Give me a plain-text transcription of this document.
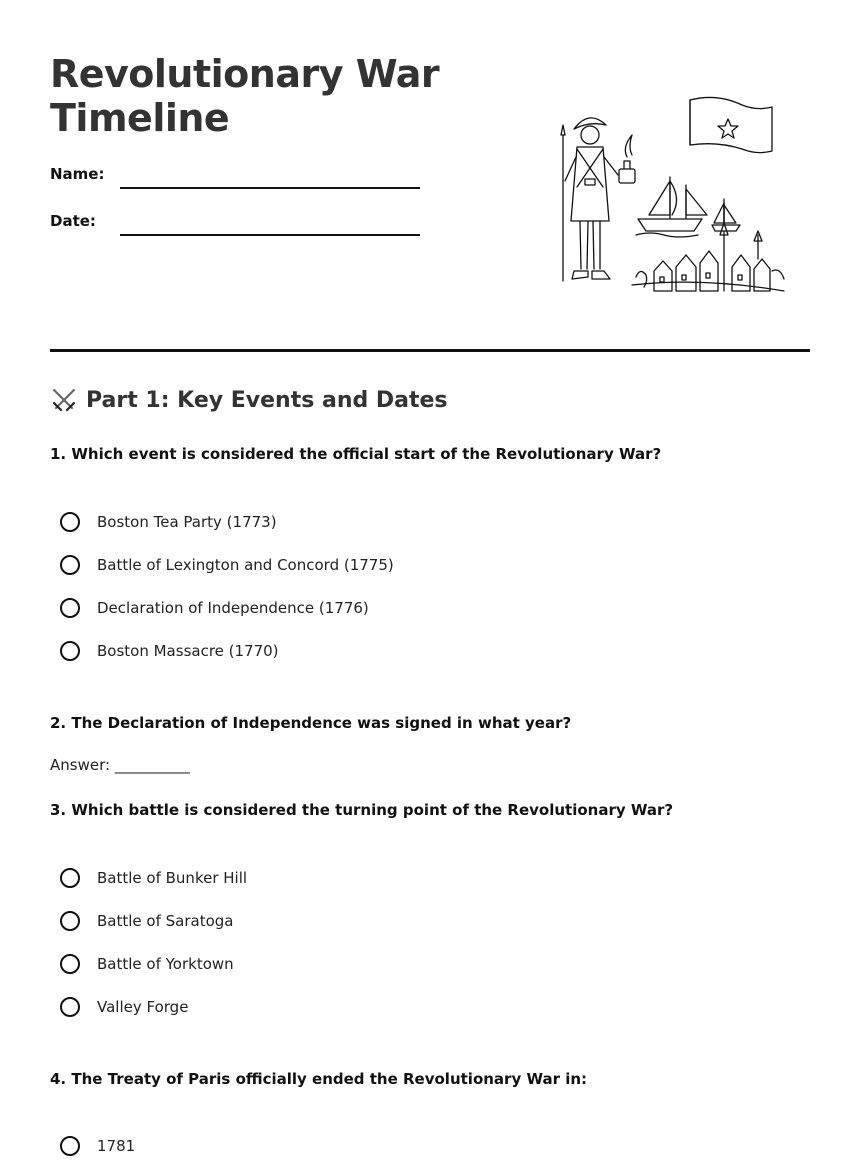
Revolutionary War
Timeline
Name:
Date:
Part 1: Key Events and Dates
1. Which event is considered the official start of the Revolutionary War?
Boston Tea Party (1773)
Battle of Lexington and Concord (1775)
Declaration of Independence (1776)
Boston Massacre (1770)
2. The Declaration of Independence was signed in what year?
Answer: __________
3. Which battle is considered the turning point of the Revolutionary War?
Battle of Bunker Hill
Battle of Saratoga
Battle of Yorktown
Valley Forge
4. The Treaty of Paris officially ended the Revolutionary War in:
1781
